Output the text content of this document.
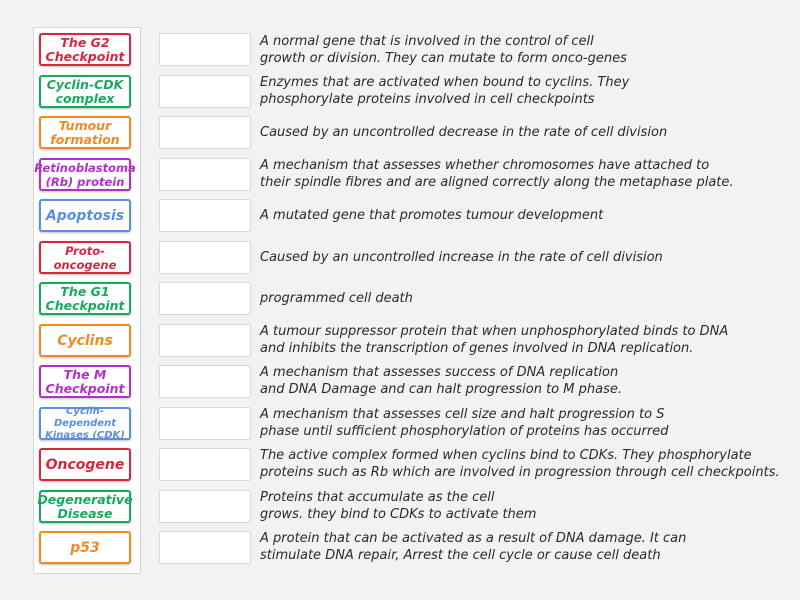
The G2
Checkpoint
Cyclin-CDK
complex
Tumour
formation
Retinoblastoma
(Rb) protein
Apoptosis
Proto-oncogene
The G1
Checkpoint
Cyclins
The M
Checkpoint
Cyclin-Dependent
Kinases (CDK)
Oncogene
Degenerative
Disease
p53
A normal gene that is involved in the control of cell
growth or division. They can mutate to form onco-genes
Enzymes that are activated when bound to cyclins. They
phosphorylate proteins involved in cell checkpoints
Caused by an uncontrolled decrease in the rate of cell division
A mechanism that assesses whether chromosomes have attached to
their spindle fibres and are aligned correctly along the metaphase plate.
A mutated gene that promotes tumour development
Caused by an uncontrolled increase in the rate of cell division
programmed cell death
A tumour suppressor protein that when unphosphorylated binds to DNA
and inhibits the transcription of genes involved in DNA replication.
A mechanism that assesses success of DNA replication
and DNA Damage and can halt progression to M phase.
A mechanism that assesses cell size and halt progression to S
phase until sufficient phosphorylation of proteins has occurred
The active complex formed when cyclins bind to CDKs. They phosphorylate
proteins such as Rb which are involved in progression through cell checkpoints.
Proteins that accumulate as the cell
grows. they bind to CDKs to activate them
A protein that can be activated as a result of DNA damage. It can
stimulate DNA repair, Arrest the cell cycle or cause cell death
